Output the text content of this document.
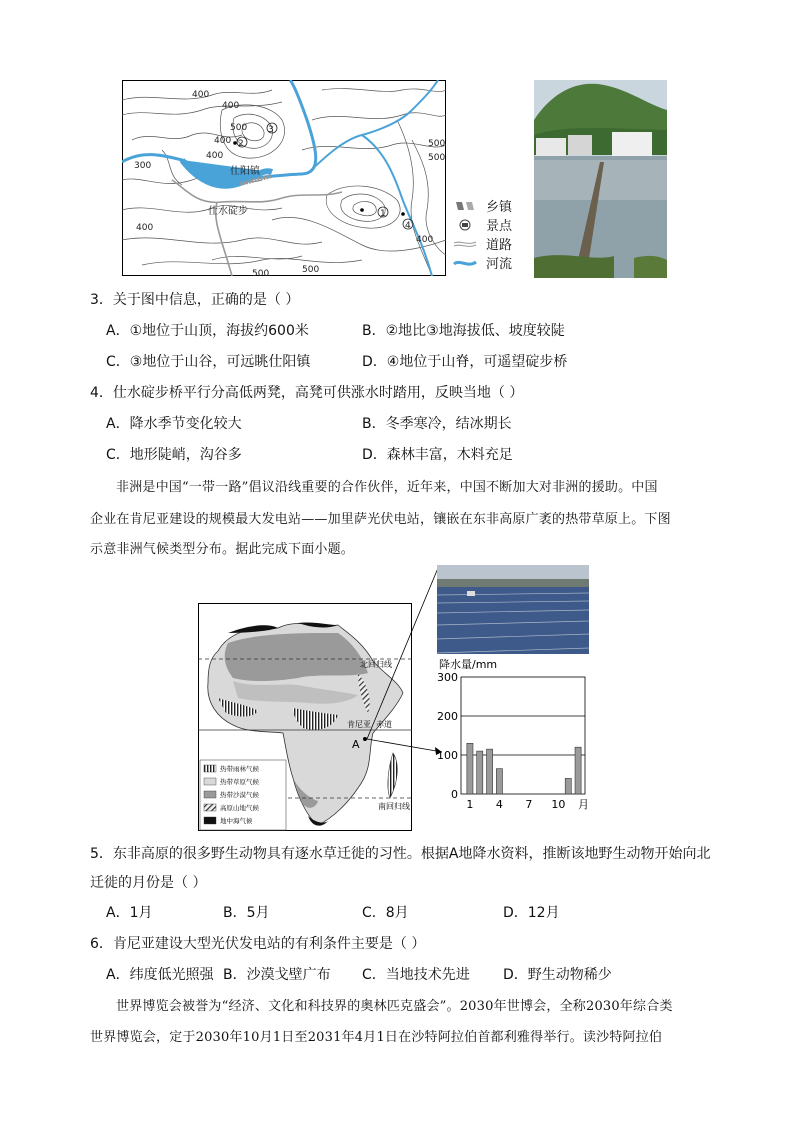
400
400
500 3
400 2
400
500
500
300	仕阳镇
仕水碇步	1
4
400
400
500
500
乡镇
景点
道路
河流
3．关于图中信息，正确的是（ ）
A．①地位于山顶，海拔约600米	B．②地比③地海拔低、坡度较陡
C．③地位于山谷，可远眺仕阳镇	D．④地位于山脊，可遥望碇步桥
4．仕水碇步桥平行分高低两凳，高凳可供涨水时踏用，反映当地（ ）
A．降水季节变化较大	B．冬季寒冷，结冰期长
C．地形陡峭，沟谷多	D．森林丰富，木料充足
非洲是中国“一带一路”倡议沿线重要的合作伙伴，近年来，中国不断加大对非洲的援助。中国
企业在肯尼亚建设的规模最大发电站——加里萨光伏电站，镶嵌在东非高原广袤的热带草原上。下图
示意非洲气候类型分布。据此完成下面小题。
北回归线
赤道
南回归线
肯尼亚
A
热带雨林气候
热带草原气候
热带沙漠气候
高原山地气候
地中海气候
降水量/mm
0
100
200
300
1 4 7 10 月
5．东非高原的很多野生动物具有逐水草迁徙的习性。根据A地降水资料，推断该地野生动物开始向北
迁徙的月份是（ ）
A．1月	B．5月	C．8月	D．12月
6．肯尼亚建设大型光伏发电站的有利条件主要是（ ）
A．纬度低光照强 B．沙漠戈壁广布 C．当地技术先进 D．野生动物稀少
世界博览会被誉为“经济、文化和科技界的奥林匹克盛会”。2030年世博会，全称2030年综合类
世界博览会，定于2030年10月1日至2031年4月1日在沙特阿拉伯首都利雅得举行。读沙特阿拉伯
